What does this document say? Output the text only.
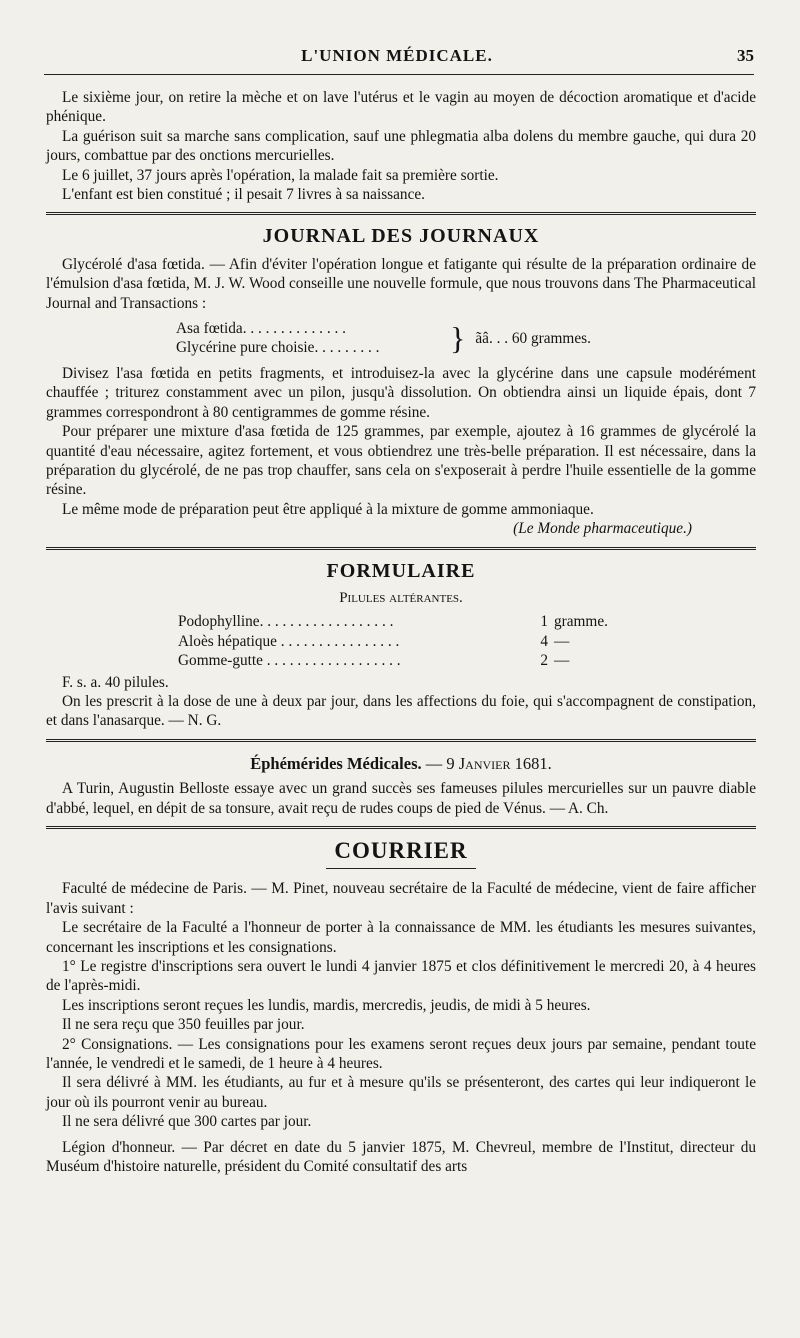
L'UNION MÉDICALE.	35

Le sixième jour, on retire la mèche et on lave l'utérus et le vagin au moyen de décoction aromatique et d'acide phénique.

La guérison suit sa marche sans complication, sauf une phlegmatia alba dolens du membre gauche, qui dura 20 jours, combattue par des onctions mercurielles.

Le 6 juillet, 37 jours après l'opération, la malade fait sa première sortie.

L'enfant est bien constitué ; il pesait 7 livres à sa naissance.

JOURNAL DES JOURNAUX

Glycérolé d'asa fœtida. — Afin d'éviter l'opération longue et fatigante qui résulte de la préparation ordinaire de l'émulsion d'asa fœtida, M. J. W. Wood conseille une nouvelle formule, que nous trouvons dans The Pharmaceutical Journal and Transactions :

Asa fœtida. . . . . . . . . . . . . .
Glycérine pure choisie. . . . . . . . .	} ãâ. . . 60 grammes.

Divisez l'asa fœtida en petits fragments, et introduisez-la avec la glycérine dans une capsule modérément chauffée ; triturez constamment avec un pilon, jusqu'à dissolution. On obtiendra ainsi un liquide épais, dont 7 grammes correspondront à 80 centigrammes de gomme résine.

Pour préparer une mixture d'asa fœtida de 125 grammes, par exemple, ajoutez à 16 grammes de glycérolé la quantité d'eau nécessaire, agitez fortement, et vous obtiendrez une très-belle préparation. Il est nécessaire, dans la préparation du glycérolé, de ne pas trop chauffer, sans cela on s'exposerait à perdre l'huile essentielle de la gomme résine.

Le même mode de préparation peut être appliqué à la mixture de gomme ammoniaque.

(Le Monde pharmaceutique.)
FORMULAIRE
Pilules altérantes.
Podophylline. . . . . . . . . . . . . . . . . .	1 gramme.
Aloès hépatique . . . . . . . . . . . . . . . .	4 —
Gomme-gutte . . . . . . . . . . . . . . . . . .	2 —

F. s. a. 40 pilules.

On les prescrit à la dose de une à deux par jour, dans les affections du foie, qui s'accompagnent de constipation, et dans l'anasarque. — N. G.

Éphémérides Médicales. — 9 Janvier 1681.

A Turin, Augustin Belloste essaye avec un grand succès ses fameuses pilules mercurielles sur un pauvre diable d'abbé, lequel, en dépit de sa tonsure, avait reçu de rudes coups de pied de Vénus. — A. Ch.

COURRIER

Faculté de médecine de Paris. — M. Pinet, nouveau secrétaire de la Faculté de médecine, vient de faire afficher l'avis suivant :

Le secrétaire de la Faculté a l'honneur de porter à la connaissance de MM. les étudiants les mesures suivantes, concernant les inscriptions et les consignations.

1° Le registre d'inscriptions sera ouvert le lundi 4 janvier 1875 et clos définitivement le mercredi 20, à 4 heures de l'après-midi.

Les inscriptions seront reçues les lundis, mardis, mercredis, jeudis, de midi à 5 heures.

Il ne sera reçu que 350 feuilles par jour.

2° Consignations. — Les consignations pour les examens seront reçues deux jours par semaine, pendant toute l'année, le vendredi et le samedi, de 1 heure à 4 heures.

Il sera délivré à MM. les étudiants, au fur et à mesure qu'ils se présenteront, des cartes qui leur indiqueront le jour où ils pourront venir au bureau.

Il ne sera délivré que 300 cartes par jour.

Légion d'honneur. — Par décret en date du 5 janvier 1875, M. Chevreul, membre de l'Institut, directeur du Muséum d'histoire naturelle, président du Comité consultatif des arts
